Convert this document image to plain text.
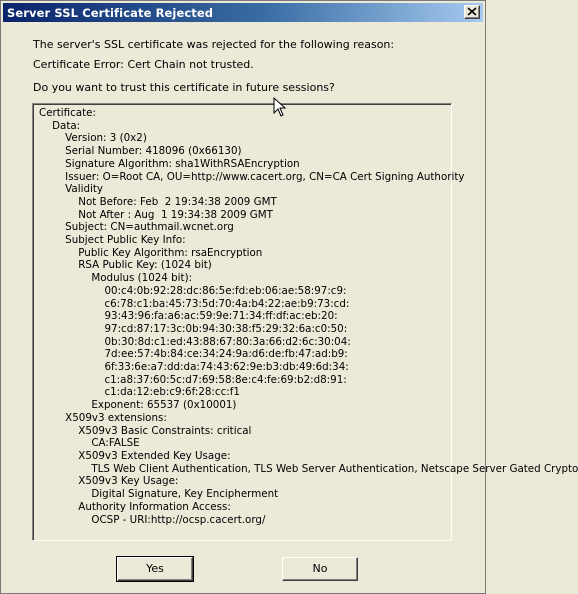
Server SSL Certificate Rejected
The server's SSL certificate was rejected for the following reason:
Certificate Error: Cert Chain not trusted.
Do you want to trust this certificate in future sessions?
Certificate:
Data:
Version: 3 (0x2)
Serial Number: 418096 (0x66130)
Signature Algorithm: sha1WithRSAEncryption
Issuer: O=Root CA, OU=http://www.cacert.org, CN=CA Cert Signing Authority
Validity
Not Before: Feb  2 19:34:38 2009 GMT
Not After : Aug  1 19:34:38 2009 GMT
Subject: CN=authmail.wcnet.org
Subject Public Key Info:
Public Key Algorithm: rsaEncryption
RSA Public Key: (1024 bit)
Modulus (1024 bit):
00:c4:0b:92:28:dc:86:5e:fd:eb:06:ae:58:97:c9:
c6:78:c1:ba:45:73:5d:70:4a:b4:22:ae:b9:73:cd:
93:43:96:fa:a6:ac:59:9e:71:34:ff:df:ac:eb:20:
97:cd:87:17:3c:0b:94:30:38:f5:29:32:6a:c0:50:
0b:30:8d:c1:ed:43:88:67:80:3a:66:d2:6c:30:04:
7d:ee:57:4b:84:ce:34:24:9a:d6:de:fb:47:ad:b9:
6f:33:6e:a7:dd:da:74:43:62:9e:b3:db:49:6d:34:
c1:a8:37:60:5c:d7:69:58:8e:c4:fe:69:b2:d8:91:
c1:da:12:eb:c9:6f:28:cc:f1
Exponent: 65537 (0x10001)
X509v3 extensions:
X509v3 Basic Constraints: critical
CA:FALSE
X509v3 Extended Key Usage:
TLS Web Client Authentication, TLS Web Server Authentication, Netscape Server Gated Crypto
X509v3 Key Usage:
Digital Signature, Key Encipherment
Authority Information Access:
OCSP - URI:http://ocsp.cacert.org/
Yes	No
